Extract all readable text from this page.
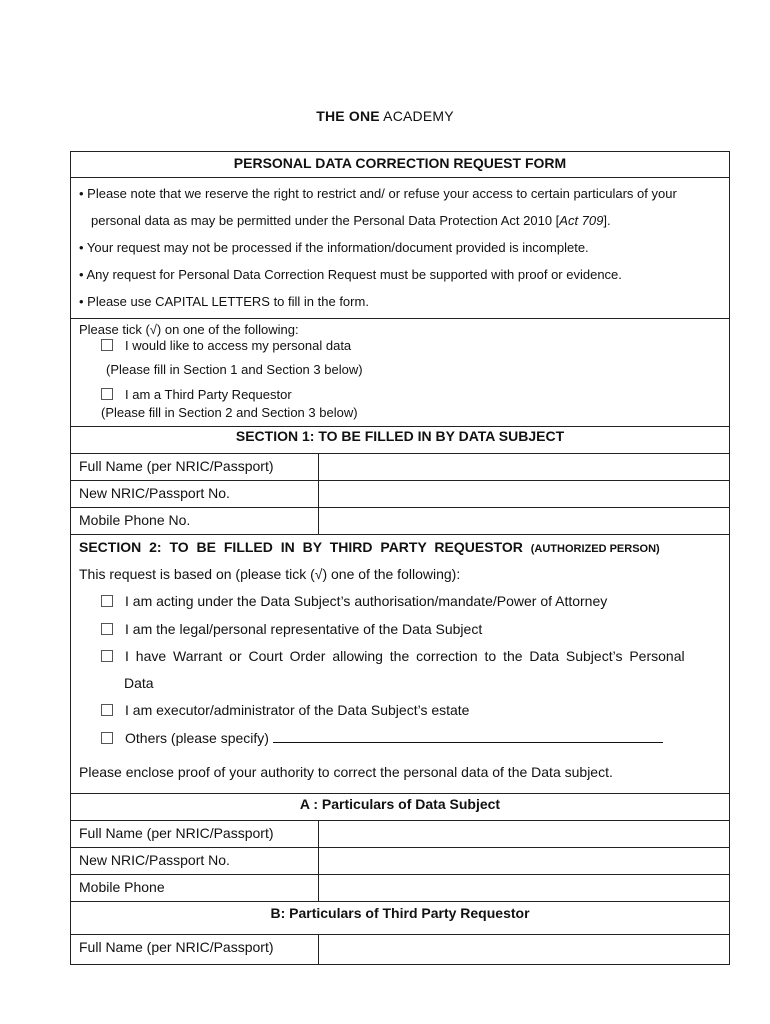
THE ONE ACADEMY
PERSONAL DATA CORRECTION REQUEST FORM
• Please note that we reserve the right to restrict and/ or refuse your access to certain particulars of your
personal data as may be permitted under the Personal Data Protection Act 2010 [Act 709].
• Your request may not be processed if the information/document provided is incomplete.
• Any request for Personal Data Correction Request must be supported with proof or evidence.
• Please use CAPITAL LETTERS to fill in the form.
Please tick (√) on one of the following:
I would like to access my personal data
(Please fill in Section 1 and Section 3 below)
I am a Third Party Requestor
(Please fill in Section 2 and Section 3 below)
SECTION 1: TO BE FILLED IN BY DATA SUBJECT
Full Name (per NRIC/Passport)
New NRIC/Passport No.
Mobile Phone No.
SECTION 2: TO BE FILLED IN BY THIRD PARTY REQUESTOR (AUTHORIZED PERSON)
This request is based on (please tick (√) one of the following):
I am acting under the Data Subject’s authorisation/mandate/Power of Attorney
I am the legal/personal representative of the Data Subject
I have Warrant or Court Order allowing the correction to the Data Subject’s Personal
Data
I am executor/administrator of the Data Subject’s estate
Others (please specify)
Please enclose proof of your authority to correct the personal data of the Data subject.
A : Particulars of Data Subject
Full Name (per NRIC/Passport)
New NRIC/Passport No.
Mobile Phone
B: Particulars of Third Party Requestor
Full Name (per NRIC/Passport)
